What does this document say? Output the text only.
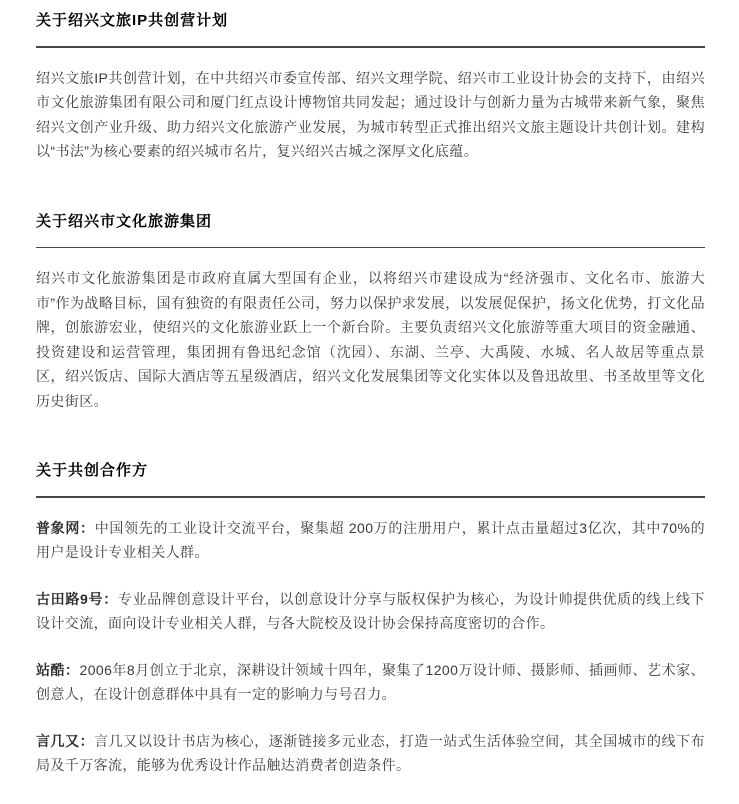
关于绍兴文旅IP共创营计划

绍兴文旅IP共创营计划，在中共绍兴市委宣传部、绍兴文理学院、绍兴市工业设计协会的支持下，由绍兴市文化旅游集团有限公司和厦门红点设计博物馆共同发起；通过设计与创新力量为古城带来新气象，聚焦绍兴文创产业升级、助力绍兴文化旅游产业发展，为城市转型正式推出绍兴文旅主题设计共创计划。建构以“书法”为核心要素的绍兴城市名片，复兴绍兴古城之深厚文化底蕴。

关于绍兴市文化旅游集团

绍兴市文化旅游集团是市政府直属大型国有企业，以将绍兴市建设成为“经济强市、文化名市、旅游大市”作为战略目标，国有独资的有限责任公司，努力以保护求发展，以发展促保护，扬文化优势，打文化品牌，创旅游宏业，使绍兴的文化旅游业跃上一个新台阶。主要负责绍兴文化旅游等重大项目的资金融通、投资建设和运营管理，集团拥有鲁迅纪念馆（沈园）、东湖、兰亭、大禹陵、水城、名人故居等重点景区，绍兴饭店、国际大酒店等五星级酒店，绍兴文化发展集团等文化实体以及鲁迅故里、书圣故里等文化历史街区。

关于共创合作方

普象网：中国领先的工业设计交流平台，聚集超 200万的注册用户，累计点击量超过3亿次，其中70%的用户是设计专业相关人群。

古田路9号：专业品牌创意设计平台，以创意设计分享与版权保护为核心，为设计帅提供优质的线上线下设计交流，面向设计专业相关人群，与各大院校及设计协会保持高度密切的合作。

站酷：2006年8月创立于北京，深耕设计领域十四年，聚集了1200万设计师、摄影师、插画师、艺术家、创意人，在设计创意群体中具有一定的影响力与号召力。

言几又：言几又以设计书店为核心，逐渐链接多元业态，打造一站式生活体验空间，其全国城市的线下布局及千万客流，能够为优秀设计作品触达消费者创造条件。
